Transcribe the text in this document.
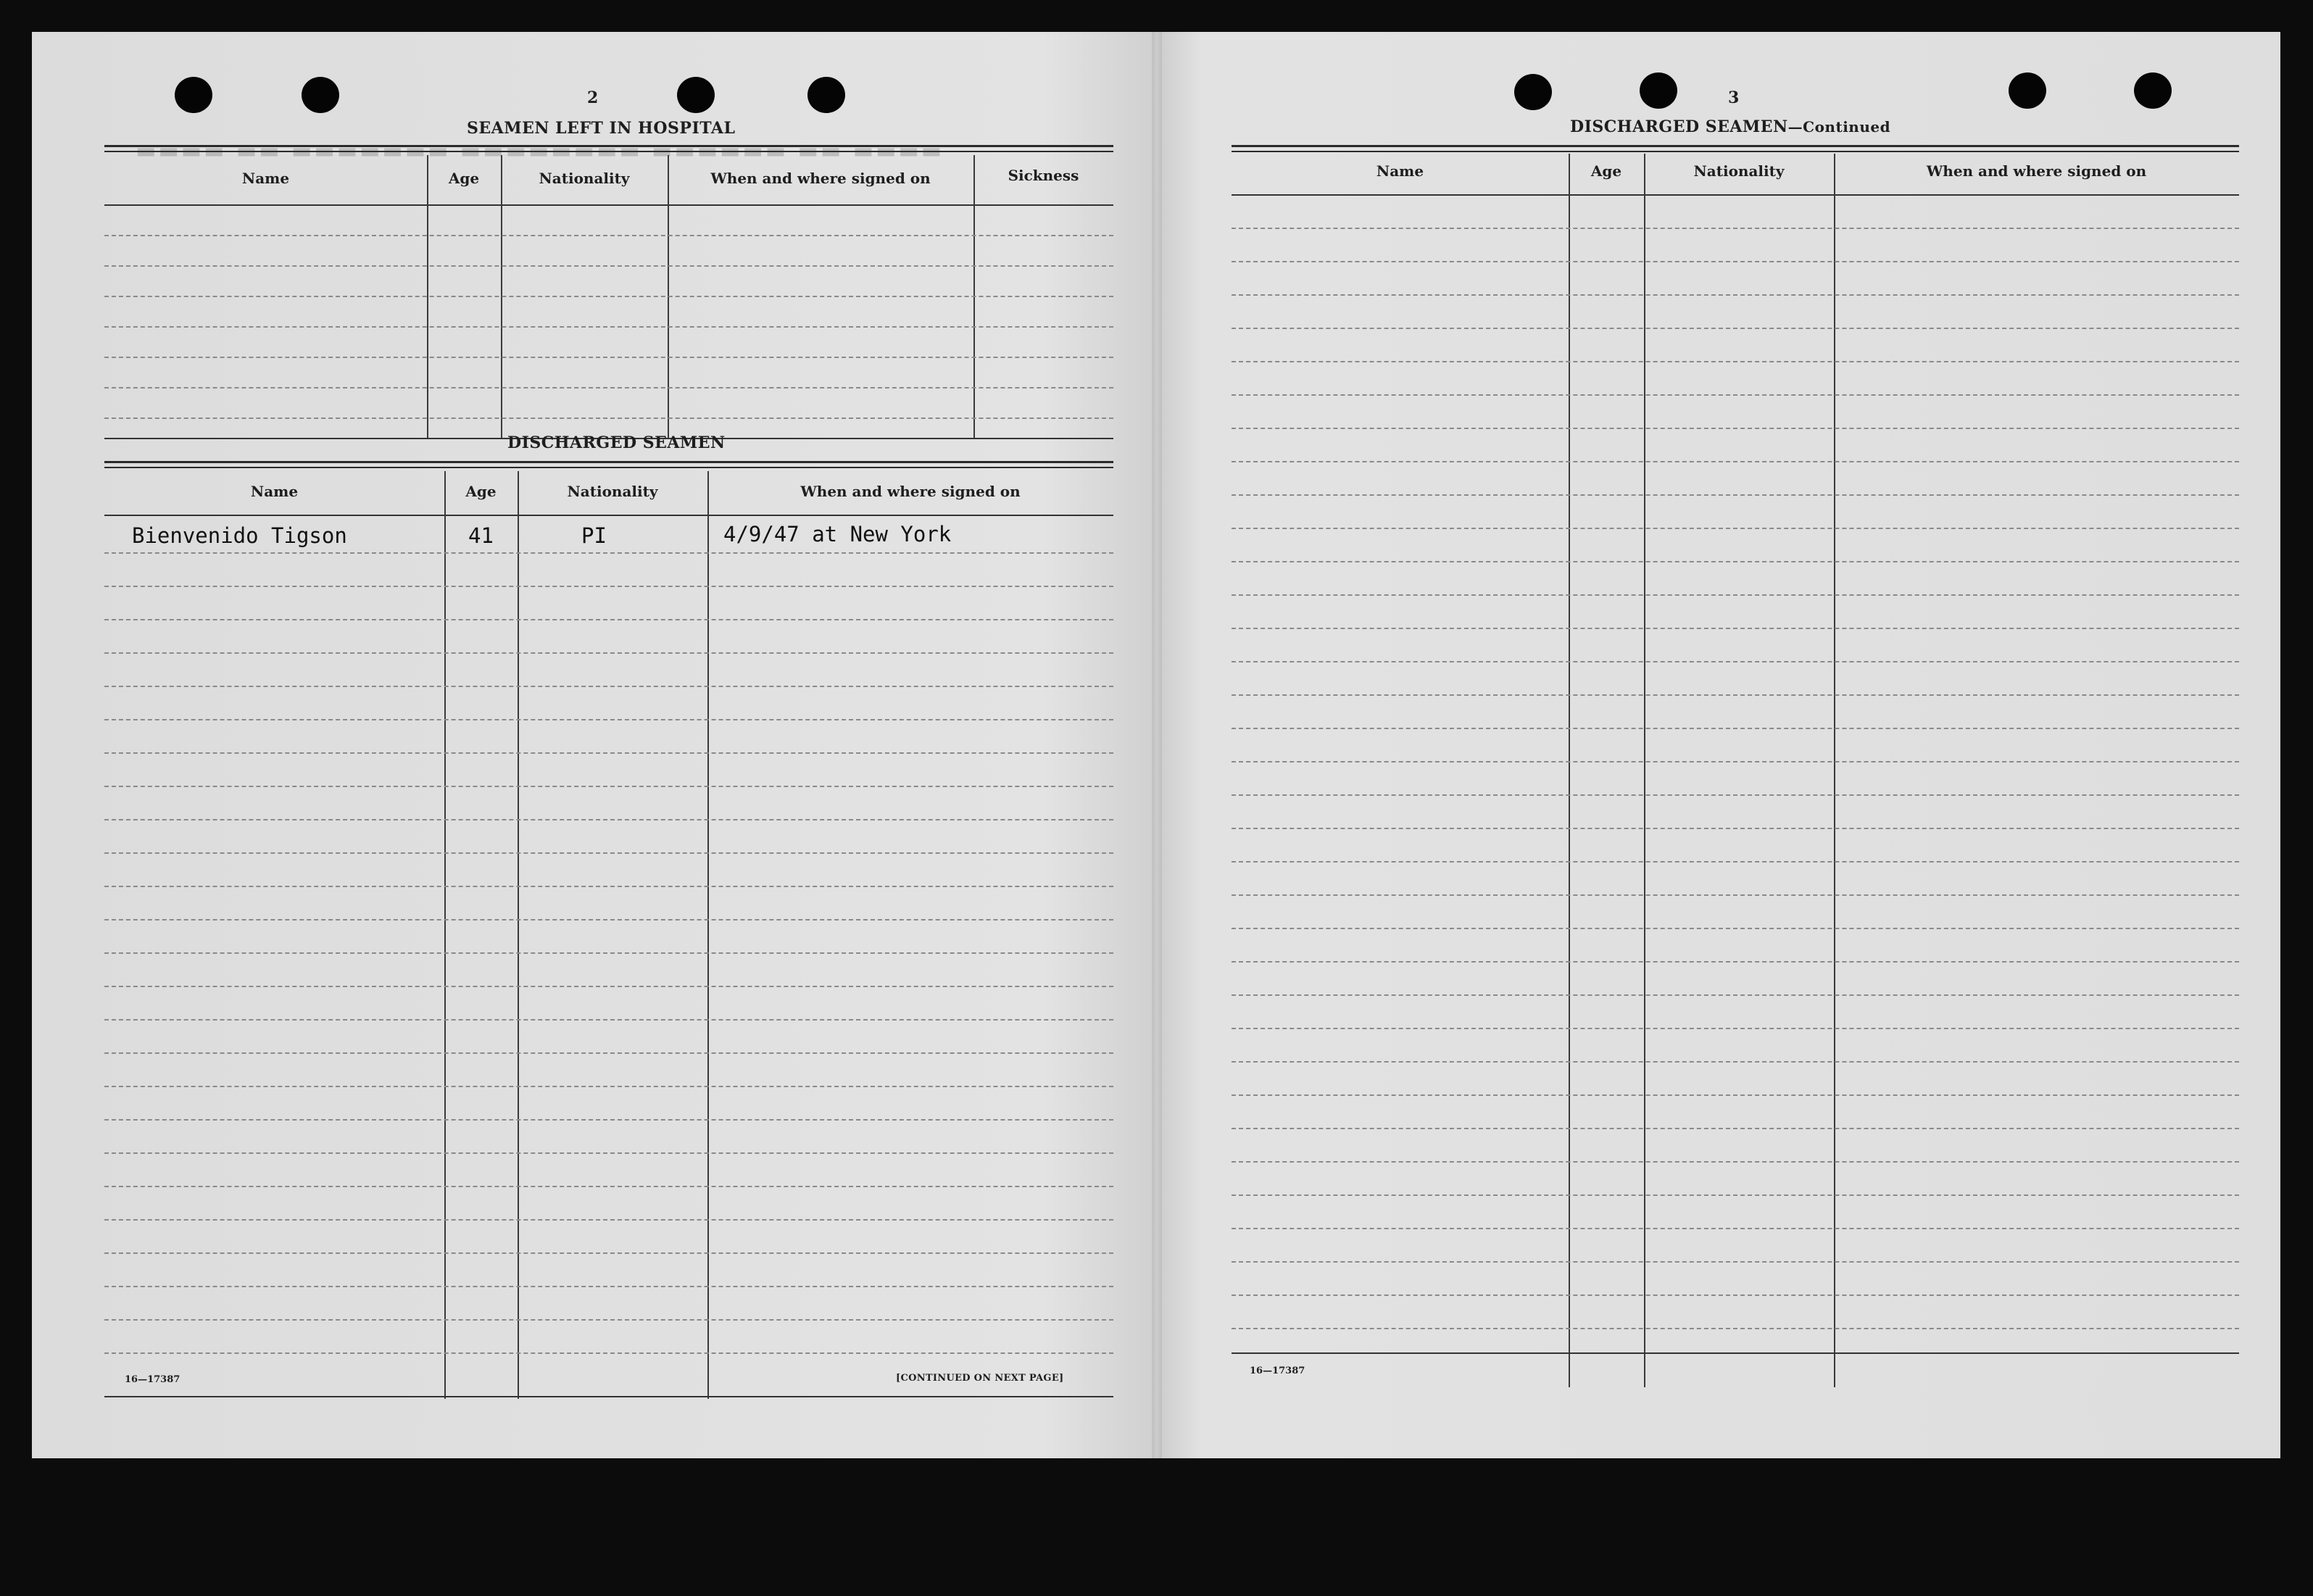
▬▬▬▬ ▬▬ ▬▬▬▬▬▬ ▬▬▬▬▬▬▬▬ ▬▬▬▬▬▬▬ ▬▬ ▬▬▬▬
2
SEAMEN LEFT IN HOSPITAL
Name	Age	Nationality	When and where signed on	Sickness
DISCHARGED SEAMEN
Name	Age	Nationality	When and where signed on
Bienvenido Tigson	41	PI	4/9/47 at New York
16—17387	[CONTINUED ON NEXT PAGE]
3
DISCHARGED SEAMEN—Continued
Name	Age	Nationality	When and where signed on
16—17387
